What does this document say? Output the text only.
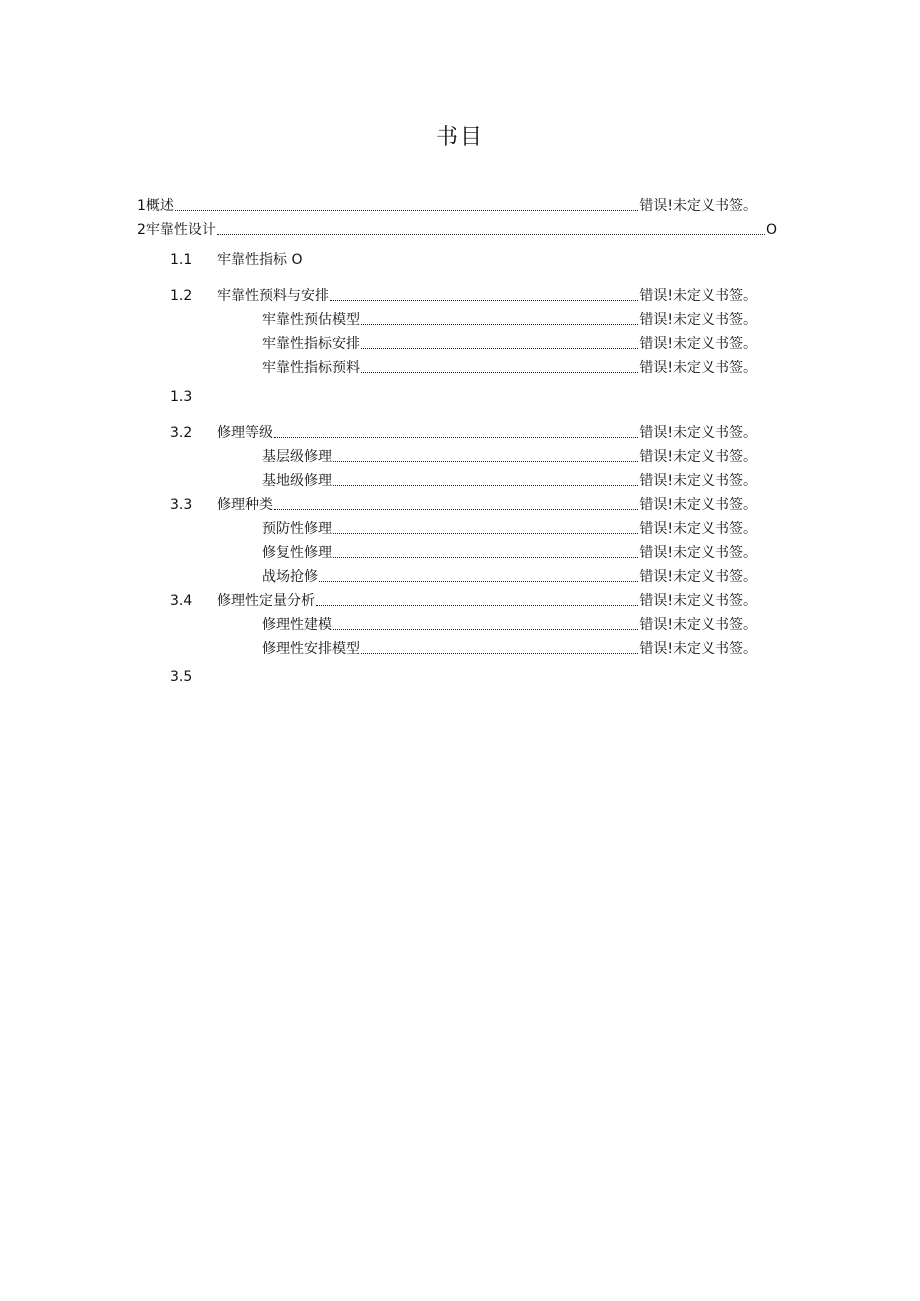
书目
1 概述	错误!未定义书签。
2 牢靠性设计	O
1.1	牢靠性指标 O
1.2	牢靠性预料与安排	错误!未定义书签。
牢靠性预估模型	错误!未定义书签。
牢靠性指标安排	错误!未定义书签。
牢靠性指标预料	错误!未定义书签。
1.3
3.2	修理等级	错误!未定义书签。
基层级修理	错误!未定义书签。
基地级修理	错误!未定义书签。
3.3	修理种类	错误!未定义书签。
预防性修理	错误!未定义书签。
修复性修理	错误!未定义书签。
战场抢修	错误!未定义书签。
3.4	修理性定量分析	错误!未定义书签。
修理性建模	错误!未定义书签。
修理性安排模型	错误!未定义书签。
3.5
